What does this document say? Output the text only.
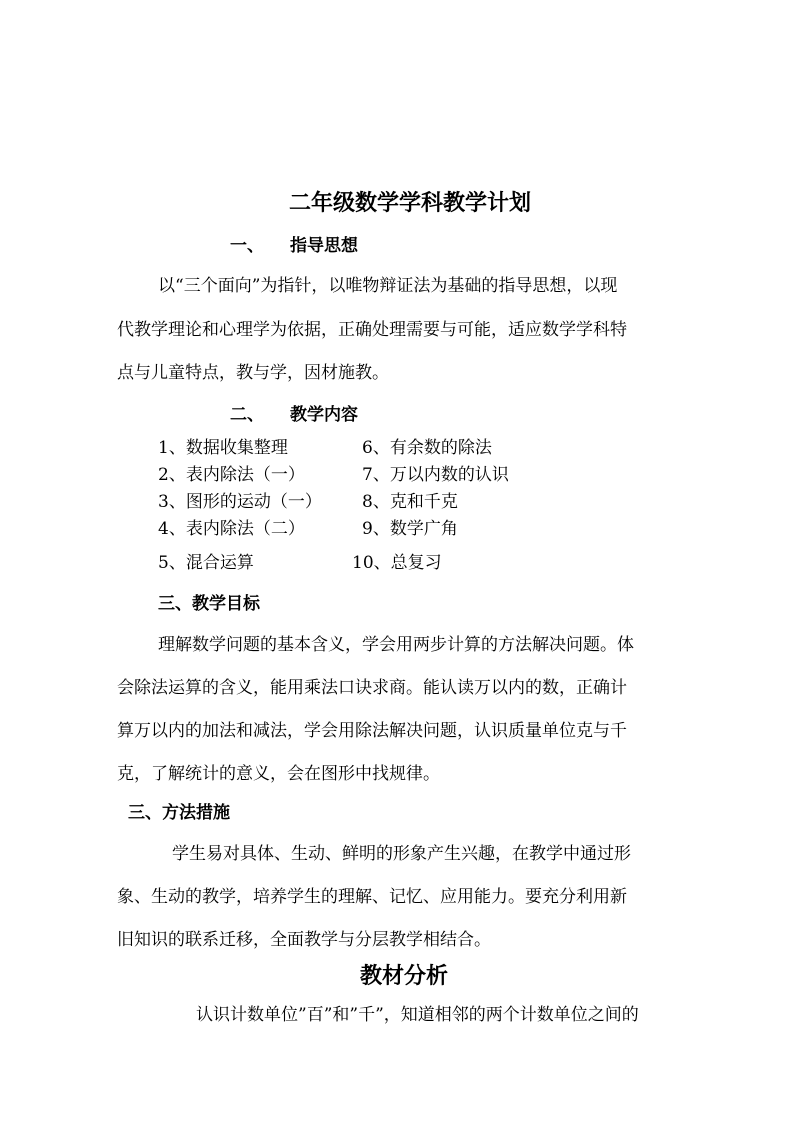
二年级数学学科教学计划
一、 指导思想
以“三个面向”为指针，以唯物辩证法为基础的指导思想，以现
代教学理论和心理学为依据，正确处理需要与可能，适应数学学科特
点与儿童特点，教与学，因材施教。
二、 教学内容
1、数据收集整理
2、表内除法（一）
3、图形的运动（一）
4、表内除法（二）
5、混合运算
6、有余数的除法
7、万以内数的认识
8、克和千克
9、数学广角
10、总复习
三、教学目标
理解数学问题的基本含义，学会用两步计算的方法解决问题。体
会除法运算的含义，能用乘法口诀求商。能认读万以内的数，正确计
算万以内的加法和减法，学会用除法解决问题，认识质量单位克与千
克，了解统计的意义，会在图形中找规律。
三、方法措施
学生易对具体、生动、鲜明的形象产生兴趣，在教学中通过形
象、生动的教学，培养学生的理解、记忆、应用能力。要充分利用新
旧知识的联系迁移，全面教学与分层教学相结合。
教材分析
认识计数单位”百”和”千”，知道相邻的两个计数单位之间的
